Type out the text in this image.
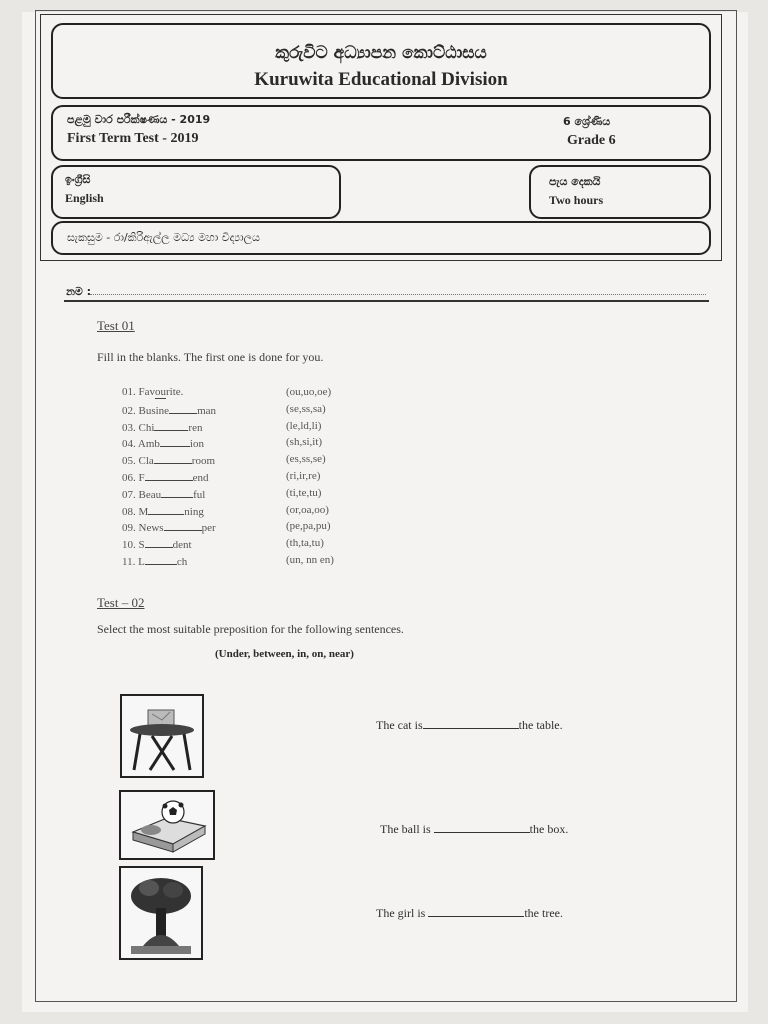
කුරුවිට අධ්‍යාපන කොට්ඨාසය
Kuruwita Educational Division
පළමු වාර පරීක්ෂණය - 2019
First Term Test - 2019
6 ශ්‍රේණිය
Grade 6
ඉංග්‍රීසි
English
පැය දෙකයි
Two hours
සැකසුම - රා/කිරිඇල්ල මධ්‍ය මහා විද්‍යාලය
නම :
Test 01
Fill in the blanks. The first one is done for you.
01. Favourite.	(ou,uo,oe)
02. Busine	man	(se,ss,sa)
03. Chi	ren	(le,ld,li)
04. Amb	ion	(sh,si,it)
05. Cla	room	(es,ss,se)
06. F	end	(ri,ir,re)
07. Beau	ful	(ti,te,tu)
08. M	ning	(or,oa,oo)
09. News	per	(pe,pa,pu)
10. S	dent	(th,ta,tu)
11. L	ch	(un, nn en)
Test – 02
Select the most suitable preposition for the following sentences.
(Under, between, in, on, near)
The cat is	the table.
The ball is	the box.
The girl is	the tree.
